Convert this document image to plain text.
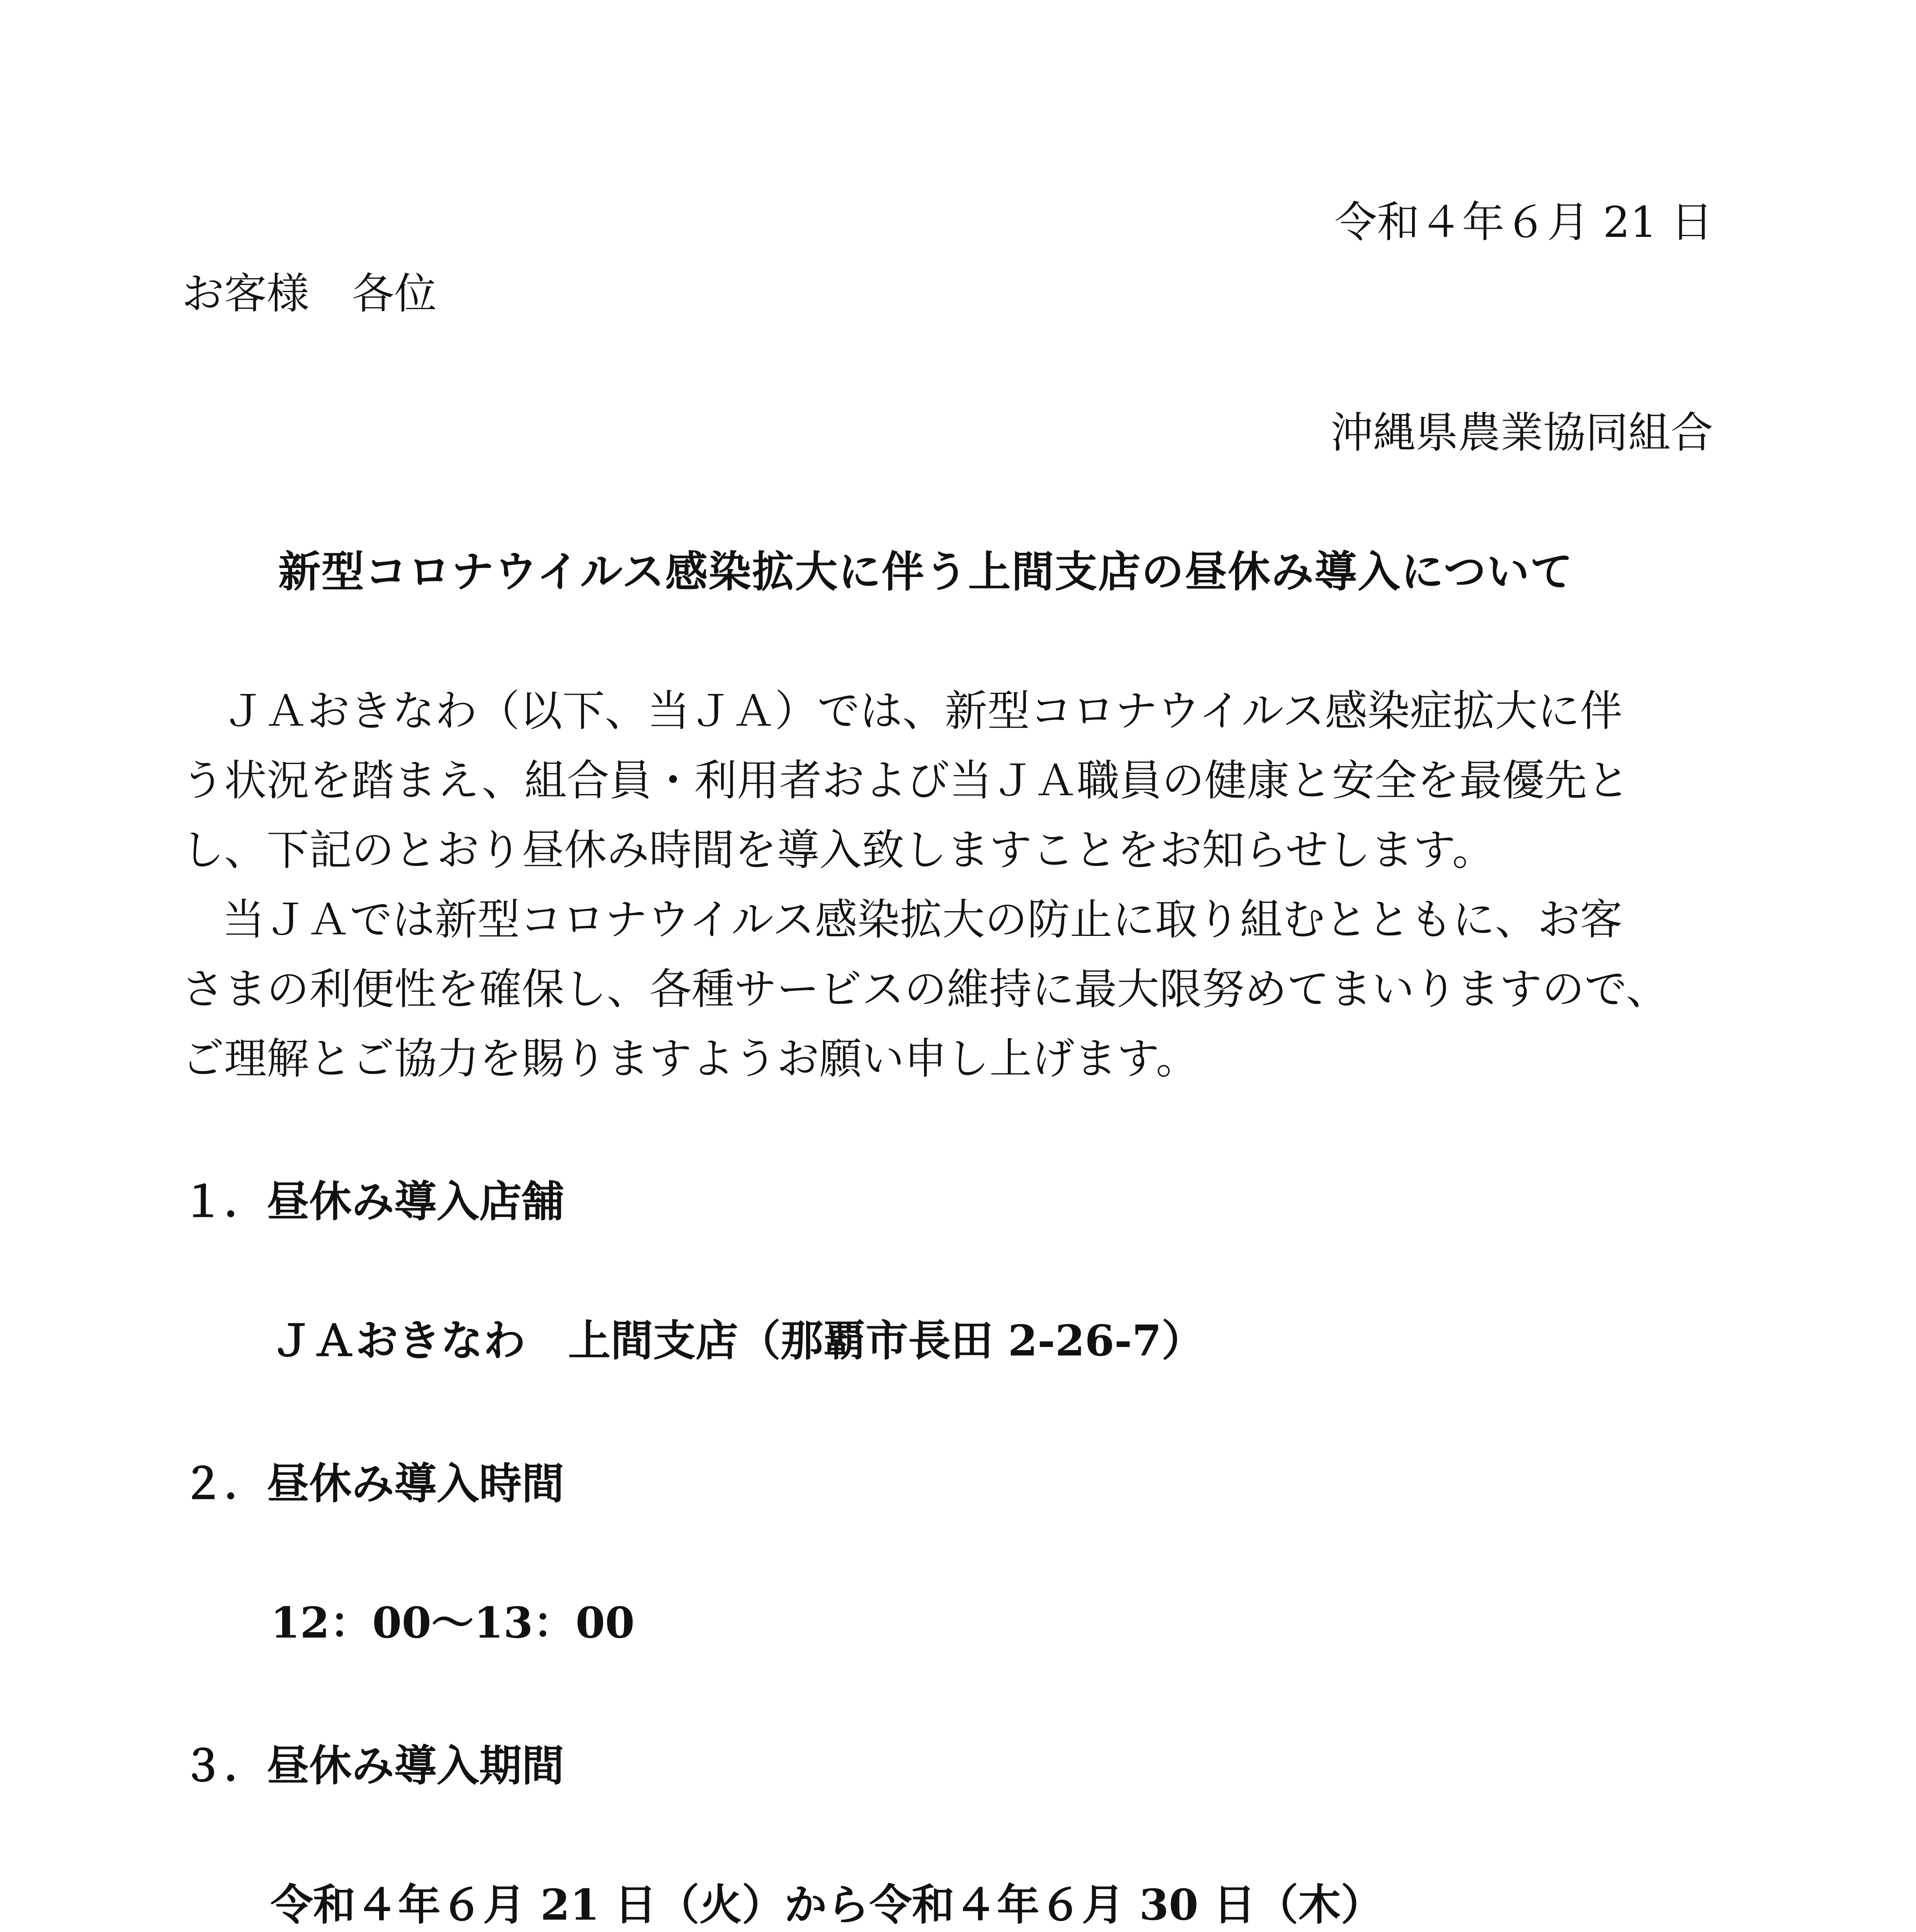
令和４年６月 21 日
お客様　各位
沖縄県農業協同組合
新型コロナウイルス感染拡大に伴う上間支店の昼休み導入について
ＪＡおきなわ（以下、当ＪＡ）では、新型コロナウイルス感染症拡大に伴
う状況を踏まえ、組合員・利用者および当ＪＡ職員の健康と安全を最優先と
し、下記のとおり昼休み時間を導入致しますことをお知らせします。
当ＪＡでは新型コロナウイルス感染拡大の防止に取り組むとともに、お客
さまの利便性を確保し、各種サービスの維持に最大限努めてまいりますので、
ご理解とご協力を賜りますようお願い申し上げます。
１．昼休み導入店舗
ＪＡおきなわ　上間支店（那覇市長田 2-26-7）
２．昼休み導入時間
12：00～13：00
３．昼休み導入期間
令和４年６月 21 日（火）から令和４年６月 30 日（木）
